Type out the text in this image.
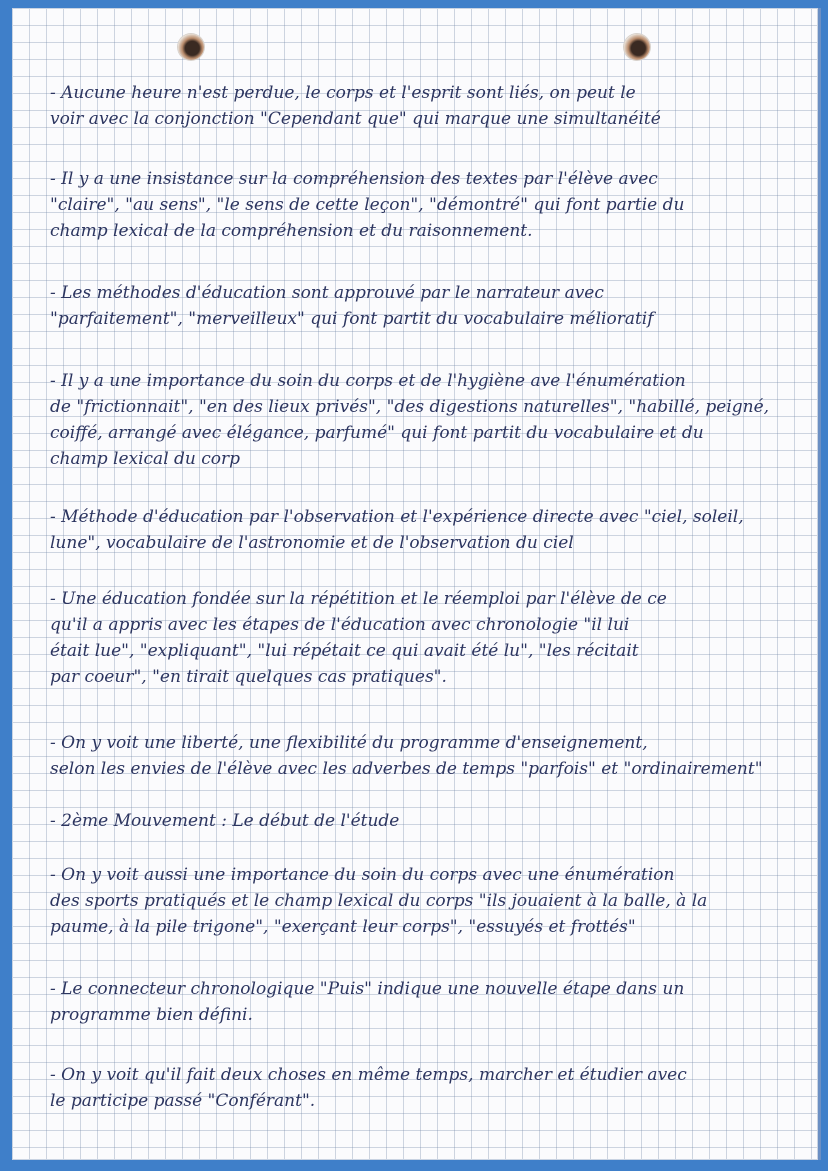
- Aucune heure n'est perdue, le corps et l'esprit sont liés, on peut le
voir avec la conjonction "Cependant que" qui marque une simultanéité
- Il y a une insistance sur la compréhension des textes par l'élève avec
"claire", "au sens", "le sens de cette leçon", "démontré" qui font partie du
champ lexical de la compréhension et du raisonnement.
- Les méthodes d'éducation sont approuvé par le narrateur avec
"parfaitement", "merveilleux" qui font partit du vocabulaire mélioratif
- Il y a une importance du soin du corps et de l'hygiène ave l'énumération
de "frictionnait", "en des lieux privés", "des digestions naturelles", "habillé, peigné,
coiffé, arrangé avec élégance, parfumé" qui font partit du vocabulaire et du
champ lexical du corp
- Méthode d'éducation par l'observation et l'expérience directe avec "ciel, soleil,
lune", vocabulaire de l'astronomie et de l'observation du ciel
- Une éducation fondée sur la répétition et le réemploi par l'élève de ce
qu'il a appris avec les étapes de l'éducation avec chronologie "il lui
était lue", "expliquant", "lui répétait ce qui avait été lu", "les récitait
par coeur", "en tirait quelques cas pratiques".
- On y voit une liberté, une flexibilité du programme d'enseignement,
selon les envies de l'élève avec les adverbes de temps "parfois" et "ordinairement"
- 2ème Mouvement : Le début de l'étude
- On y voit aussi une importance du soin du corps avec une énumération
des sports pratiqués et le champ lexical du corps "ils jouaient à la balle, à la
paume, à la pile trigone", "exerçant leur corps", "essuyés et frottés"
- Le connecteur chronologique "Puis" indique une nouvelle étape dans un
programme bien défini.
- On y voit qu'il fait deux choses en même temps, marcher et étudier avec
le participe passé "Conférant".
